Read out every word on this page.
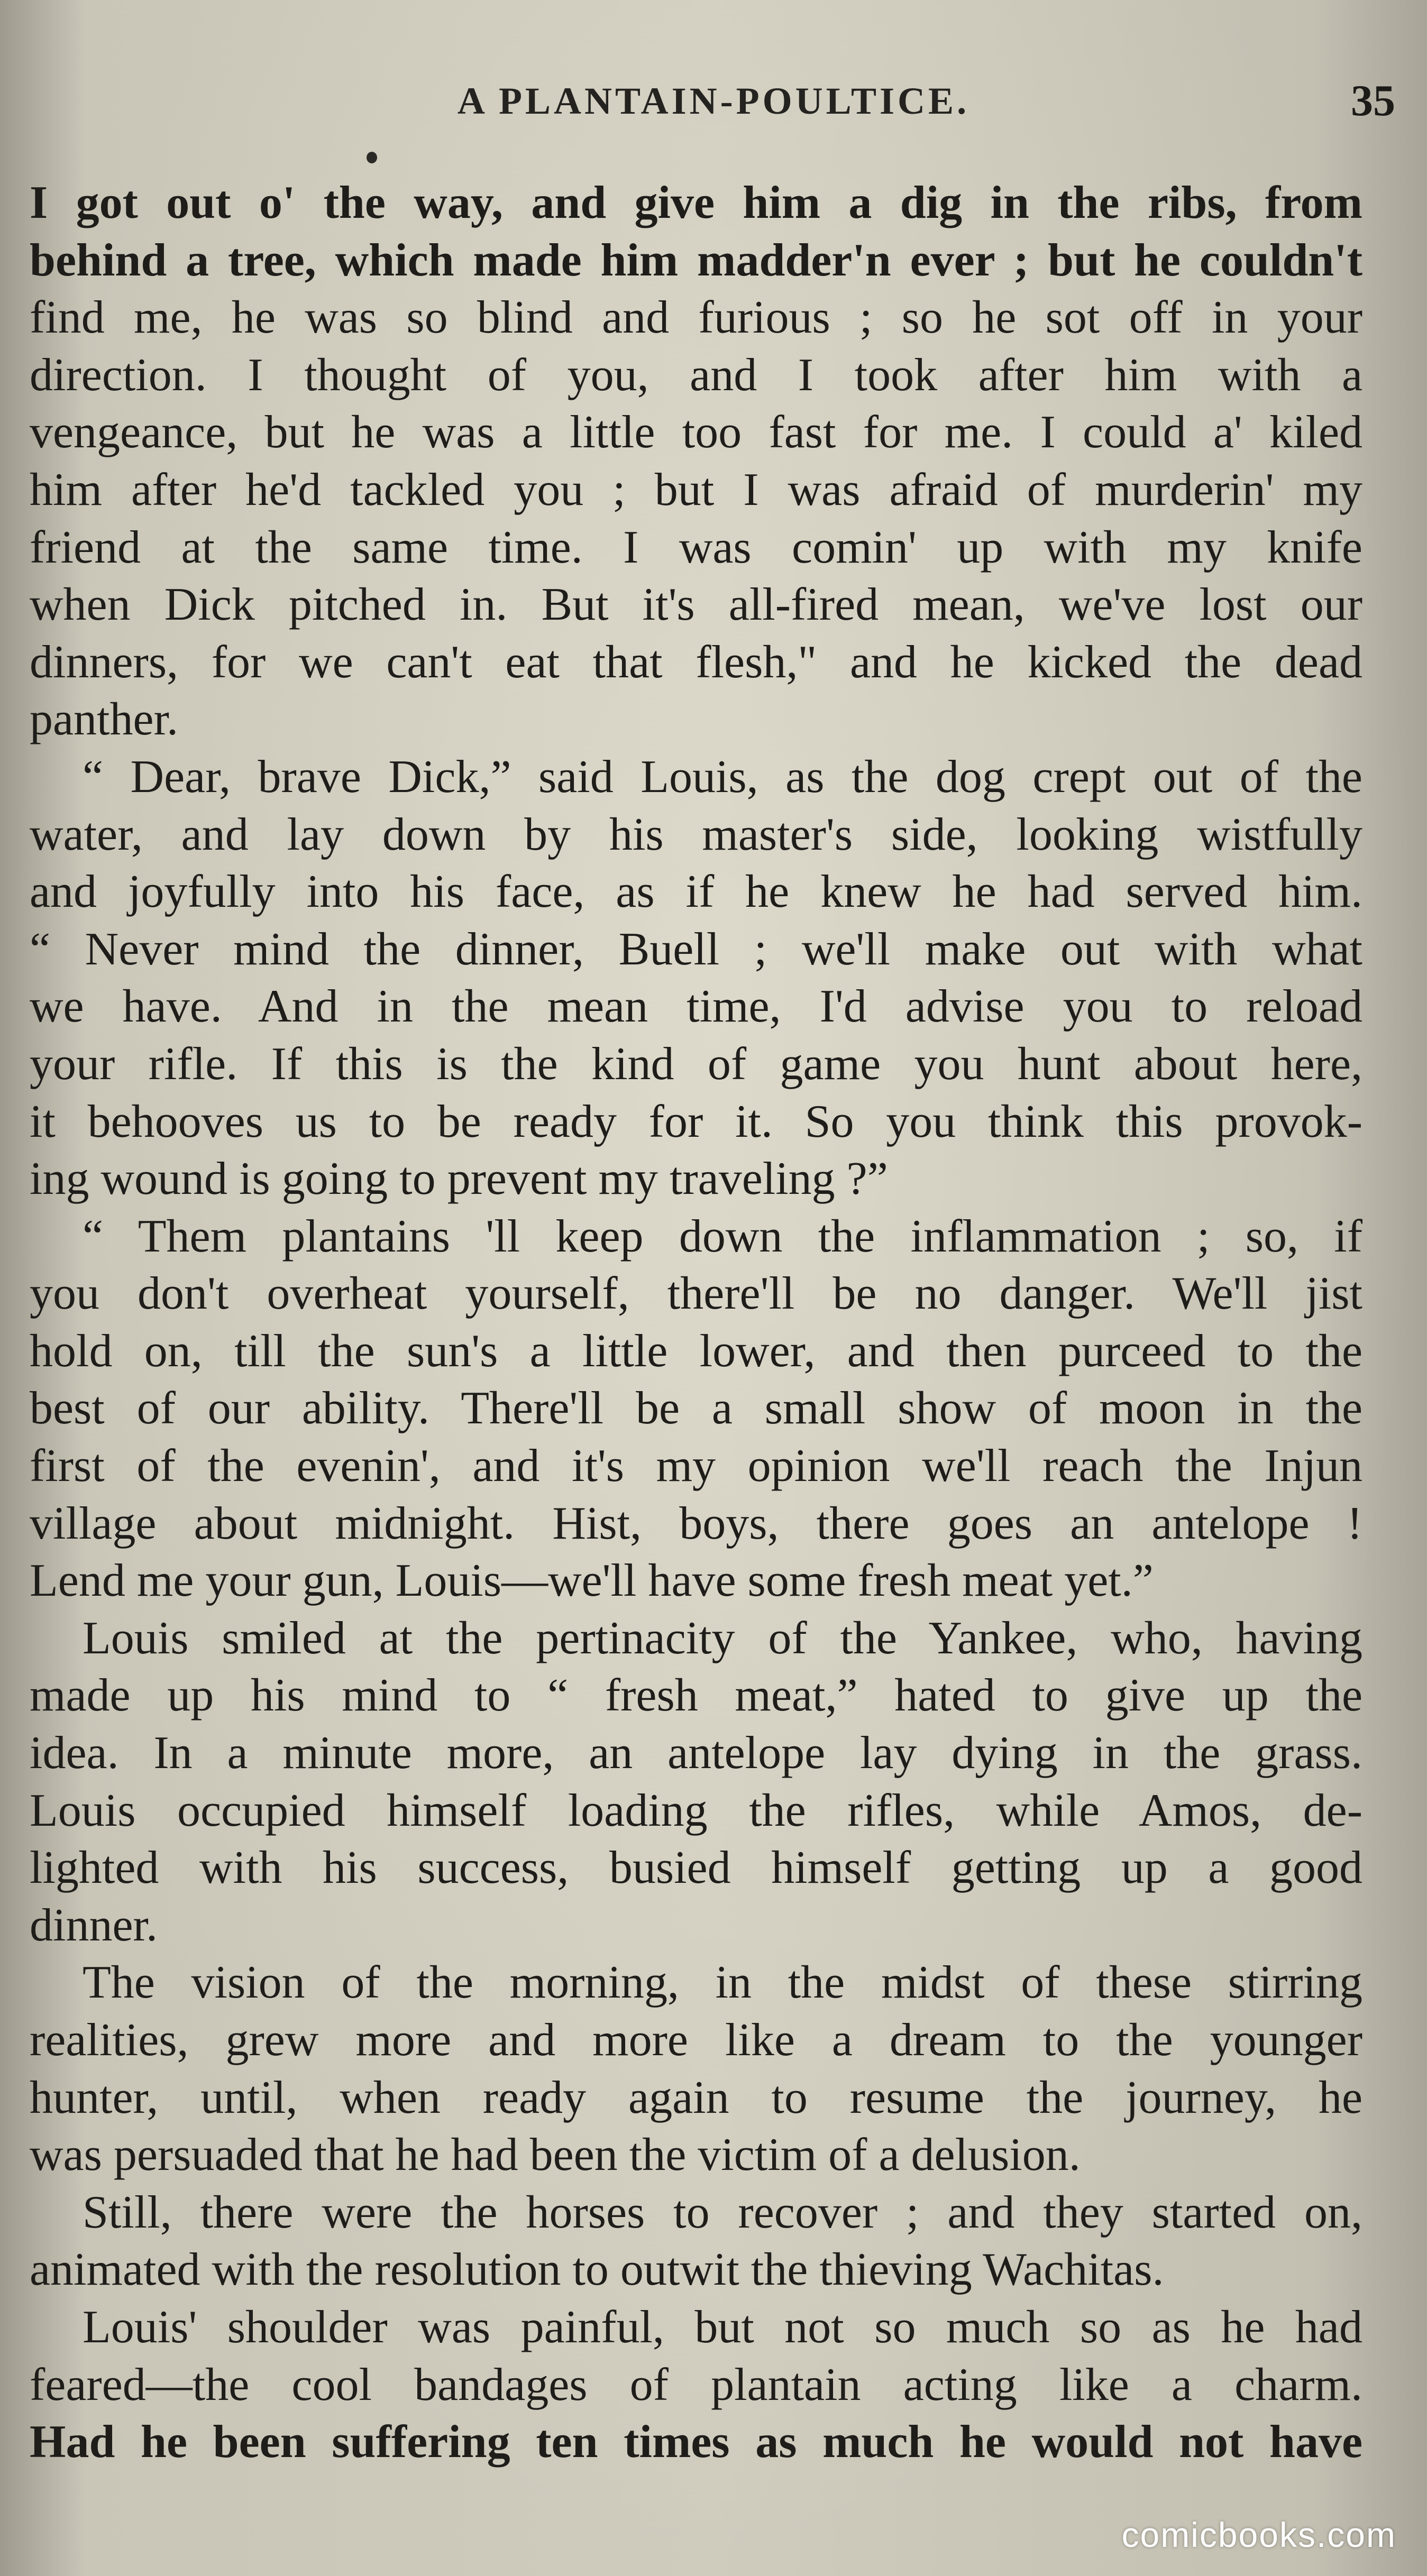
A PLANTAIN-POULTICE.	35
I got out o' the way, and give him a dig in the ribs, from
behind a tree, which made him madder'n ever ; but he couldn't
find me, he was so blind and furious ; so he sot off in your
direction. I thought of you, and I took after him with a
vengeance, but he was a little too fast for me. I could a' kiled
him after he'd tackled you ; but I was afraid of murderin' my
friend at the same time. I was comin' up with my knife
when Dick pitched in. But it's all-fired mean, we've lost our
dinners, for we can't eat that flesh," and he kicked the dead
panther.
“ Dear, brave Dick,” said Louis, as the dog crept out of the
water, and lay down by his master's side, looking wistfully
and joyfully into his face, as if he knew he had served him.
“ Never mind the dinner, Buell ; we'll make out with what
we have. And in the mean time, I'd advise you to reload
your rifle. If this is the kind of game you hunt about here,
it behooves us to be ready for it. So you think this provok-
ing wound is going to prevent my traveling ?”
“ Them plantains 'll keep down the inflammation ; so, if
you don't overheat yourself, there'll be no danger. We'll jist
hold on, till the sun's a little lower, and then purceed to the
best of our ability. There'll be a small show of moon in the
first of the evenin', and it's my opinion we'll reach the Injun
village about midnight. Hist, boys, there goes an antelope !
Lend me your gun, Louis—we'll have some fresh meat yet.”
Louis smiled at the pertinacity of the Yankee, who, having
made up his mind to “ fresh meat,” hated to give up the
idea. In a minute more, an antelope lay dying in the grass.
Louis occupied himself loading the rifles, while Amos, de-
lighted with his success, busied himself getting up a good
dinner.
The vision of the morning, in the midst of these stirring
realities, grew more and more like a dream to the younger
hunter, until, when ready again to resume the journey, he
was persuaded that he had been the victim of a delusion.
Still, there were the horses to recover ; and they started on,
animated with the resolution to outwit the thieving Wachitas.
Louis' shoulder was painful, but not so much so as he had
feared—the cool bandages of plantain acting like a charm.
Had he been suffering ten times as much he would not have
comicbooks.com
